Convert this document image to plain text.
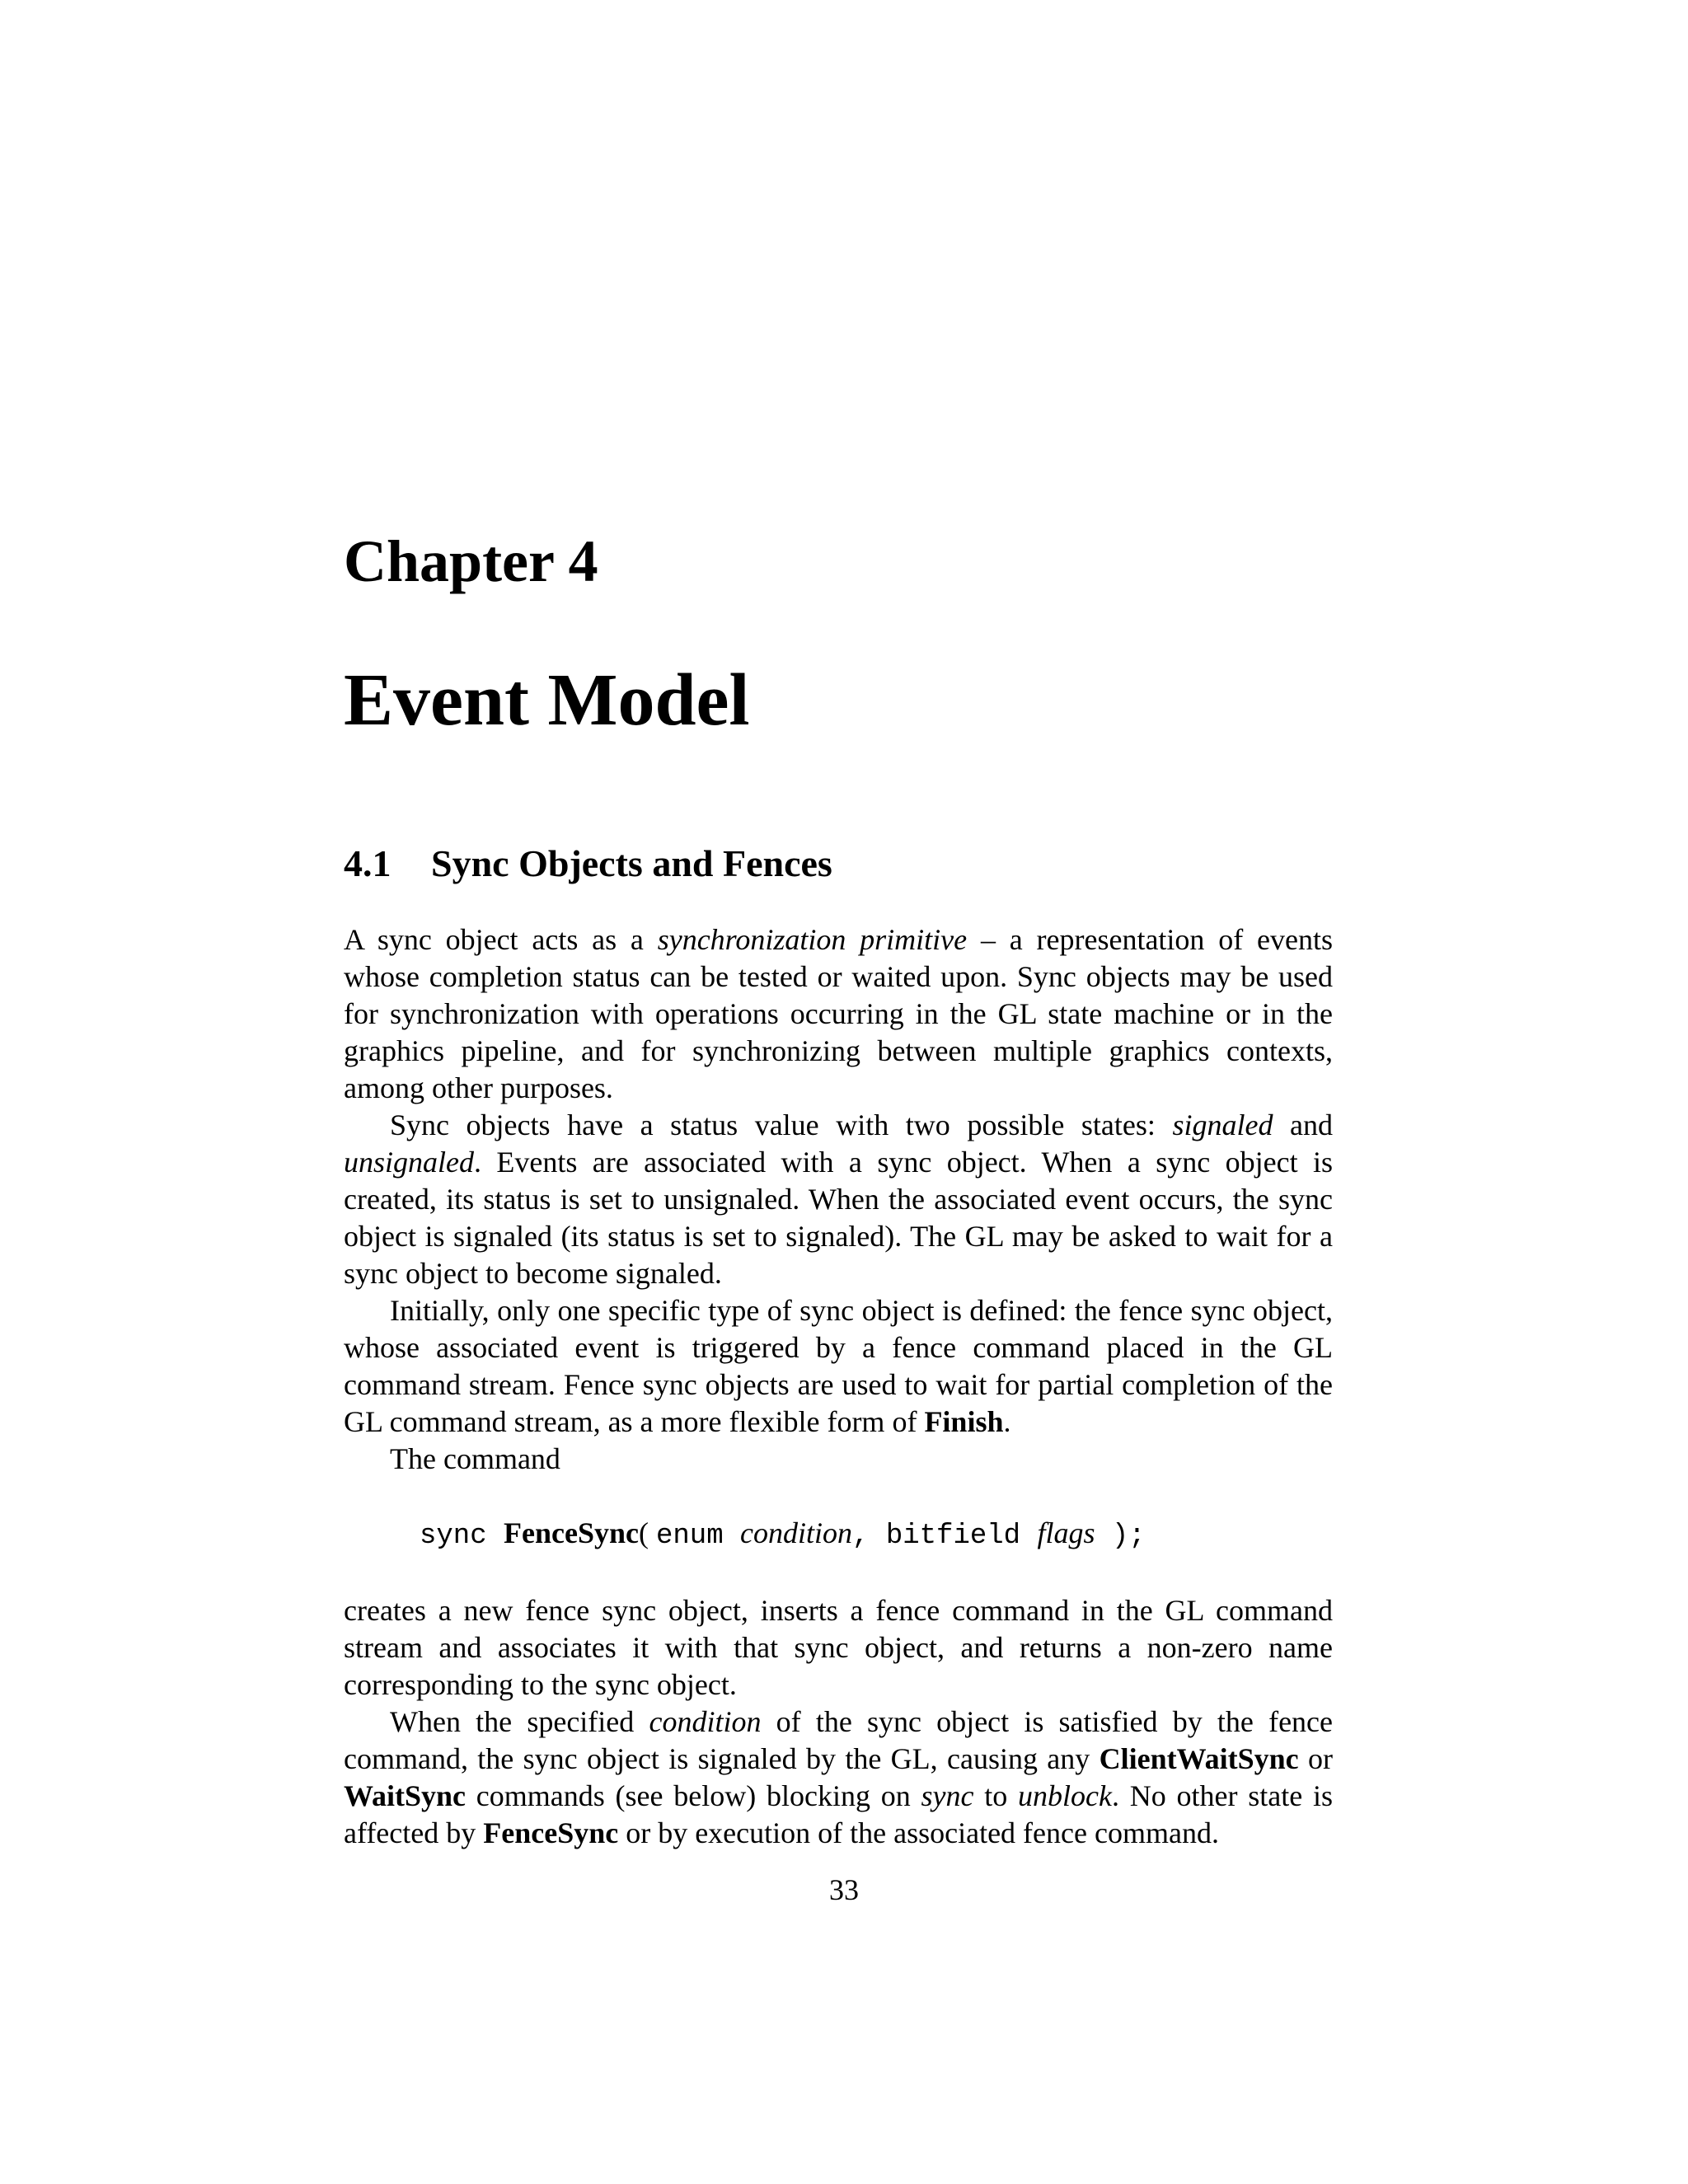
Chapter 4
Event Model
4.1 Sync Objects and Fences

A sync object acts as a synchronization primitive – a representation of events whose completion status can be tested or waited upon. Sync objects may be used for synchronization with operations occurring in the GL state machine or in the graphics pipeline, and for synchronizing between multiple graphics contexts, among other purposes.

Sync objects have a status value with two possible states: signaled and unsignaled. Events are associated with a sync object. When a sync object is created, its status is set to unsignaled. When the associated event occurs, the sync object is signaled (its status is set to signaled). The GL may be asked to wait for a sync object to become signaled.

Initially, only one specific type of sync object is defined: the fence sync object, whose associated event is triggered by a fence command placed in the GL command stream. Fence sync objects are used to wait for partial completion of the GL command stream, as a more flexible form of Finish.

The command

sync FenceSync( enum condition, bitfield flags );

creates a new fence sync object, inserts a fence command in the GL command stream and associates it with that sync object, and returns a non-zero name corresponding to the sync object.

When the specified condition of the sync object is satisfied by the fence command, the sync object is signaled by the GL, causing any ClientWaitSync or WaitSync commands (see below) blocking on sync to unblock. No other state is affected by FenceSync or by execution of the associated fence command.

33
